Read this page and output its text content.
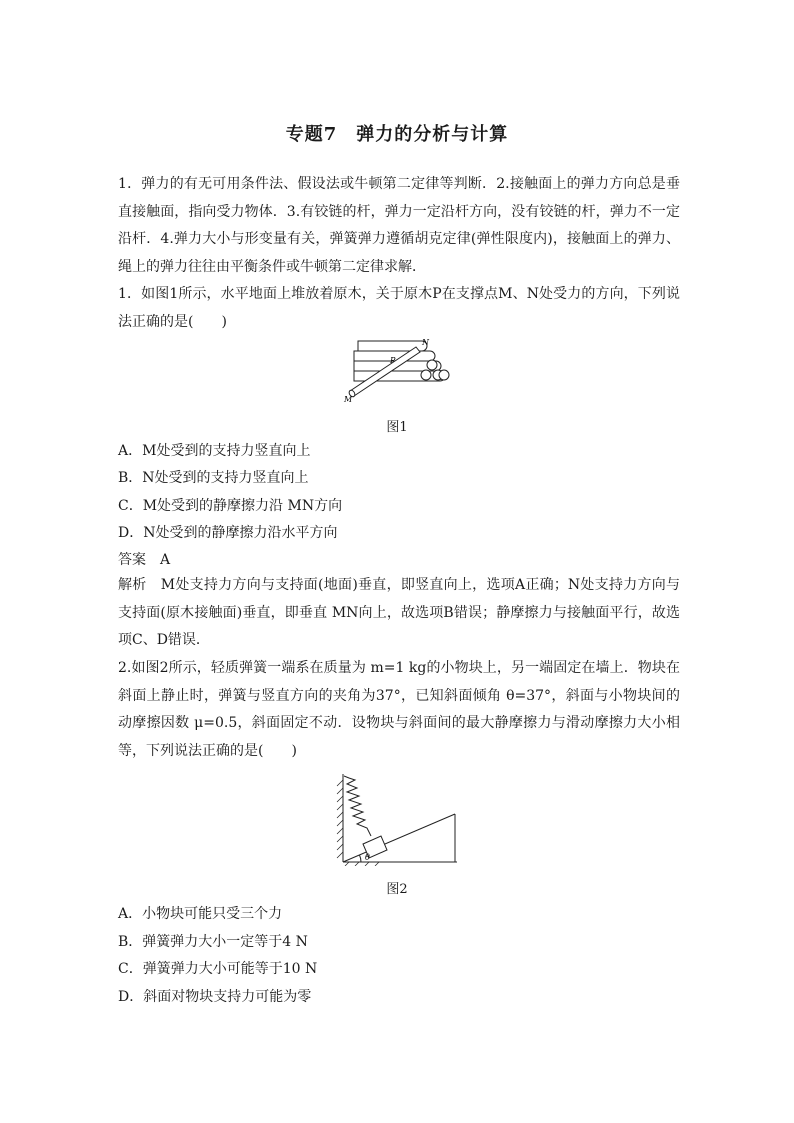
专题7　弹力的分析与计算
1．弹力的有无可用条件法、假设法或牛顿第二定律等判断．2.接触面上的弹力方向总是垂直接触面，指向受力物体．3.有铰链的杆，弹力一定沿杆方向，没有铰链的杆，弹力不一定沿杆．4.弹力大小与形变量有关，弹簧弹力遵循胡克定律(弹性限度内)，接触面上的弹力、绳上的弹力往往由平衡条件或牛顿第二定律求解．
1．如图1所示，水平地面上堆放着原木，关于原木P在支撑点M、N处受力的方向，下列说法正确的是(　　)
N
P
M
图1
A．M处受到的支持力竖直向上
B．N处受到的支持力竖直向上
C．M处受到的静摩擦力沿 MN方向
D．N处受到的静摩擦力沿水平方向
答案　A
解析　M处支持力方向与支持面(地面)垂直，即竖直向上，选项A正确；N处支持力方向与支持面(原木接触面)垂直，即垂直 MN向上，故选项B错误；静摩擦力与接触面平行，故选项C、D错误．
2.如图2所示，轻质弹簧一端系在质量为 m=1 kg的小物块上，另一端固定在墙上．物块在斜面上静止时，弹簧与竖直方向的夹角为37°，已知斜面倾角 θ=37°，斜面与小物块间的动摩擦因数 μ=0.5，斜面固定不动．设物块与斜面间的最大静摩擦力与滑动摩擦力大小相等，下列说法正确的是(　　)
θ
图2
A．小物块可能只受三个力
B．弹簧弹力大小一定等于4 N
C．弹簧弹力大小可能等于10 N
D．斜面对物块支持力可能为零
